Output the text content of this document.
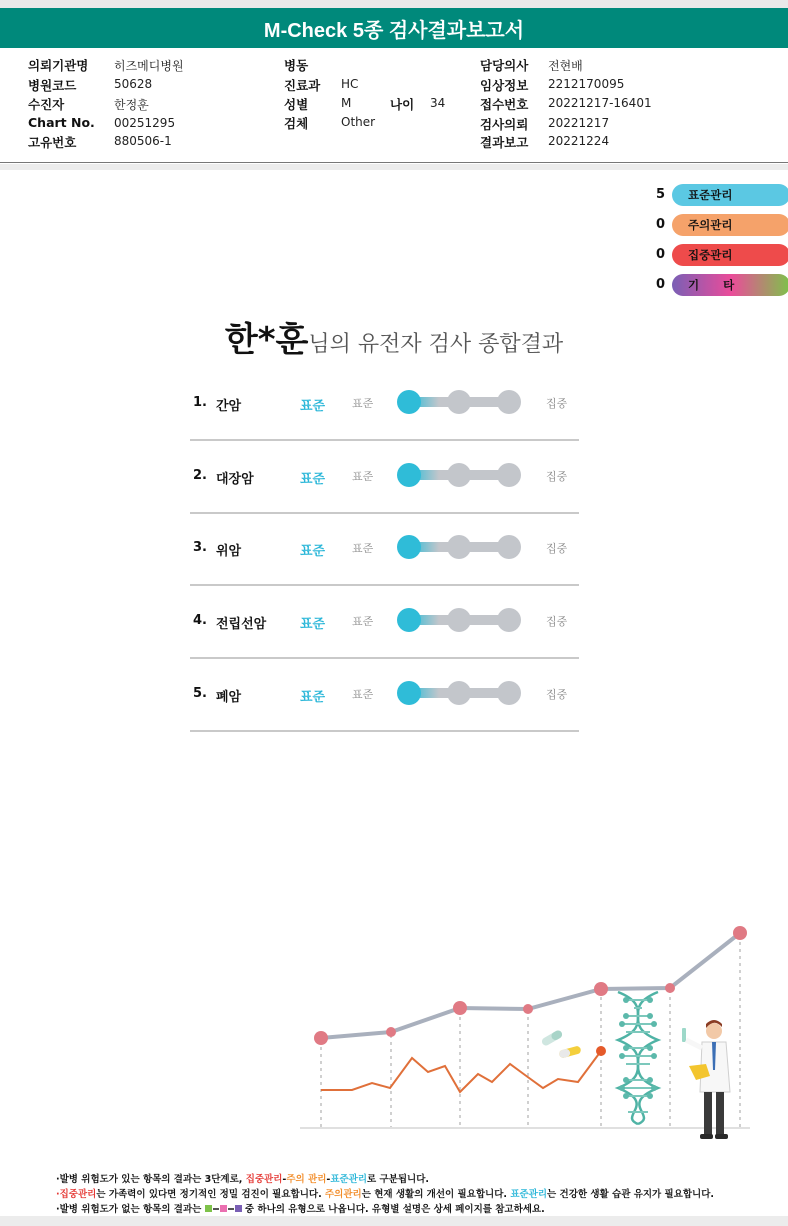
M-Check 5종 검사결과보고서
의뢰기관명 히즈메디병원
병원코드	50628
수진자	한정훈
Chart No. 00251295
고유번호	880506-1
병동
진료과 HC
성별	M	나이 34
검체	Other
담당의사 전현배
임상정보 2212170095
접수번호 20221217-16401
검사의뢰 20221217
결과보고 20221224
5	표준관리
0	주의관리
0	집중관리
0	기      타
한*훈님의 유전자 검사 종합결과
1. 간암	표준 표준	집중
2. 대장암	표준 표준	집중
3. 위암	표준 표준	집중
4. 전립선암	표준 표준	집중
5. 폐암	표준 표준	집중
·발병 위험도가 있는 항목의 결과는 3단계로, 집중관리-주의 관리-표준관리로 구분됩니다.
·집중관리는 가족력이 있다면 정기적인 정밀 검진이 필요합니다. 주의관리는 현재 생활의 개선이 필요합니다. 표준관리는 건강한 생활 습관 유지가 필요합니다.
·발병 위험도가 없는 항목의 결과는	중 하나의 유형으로 나옵니다. 유형별 설명은 상세 페이지를 참고하세요.
